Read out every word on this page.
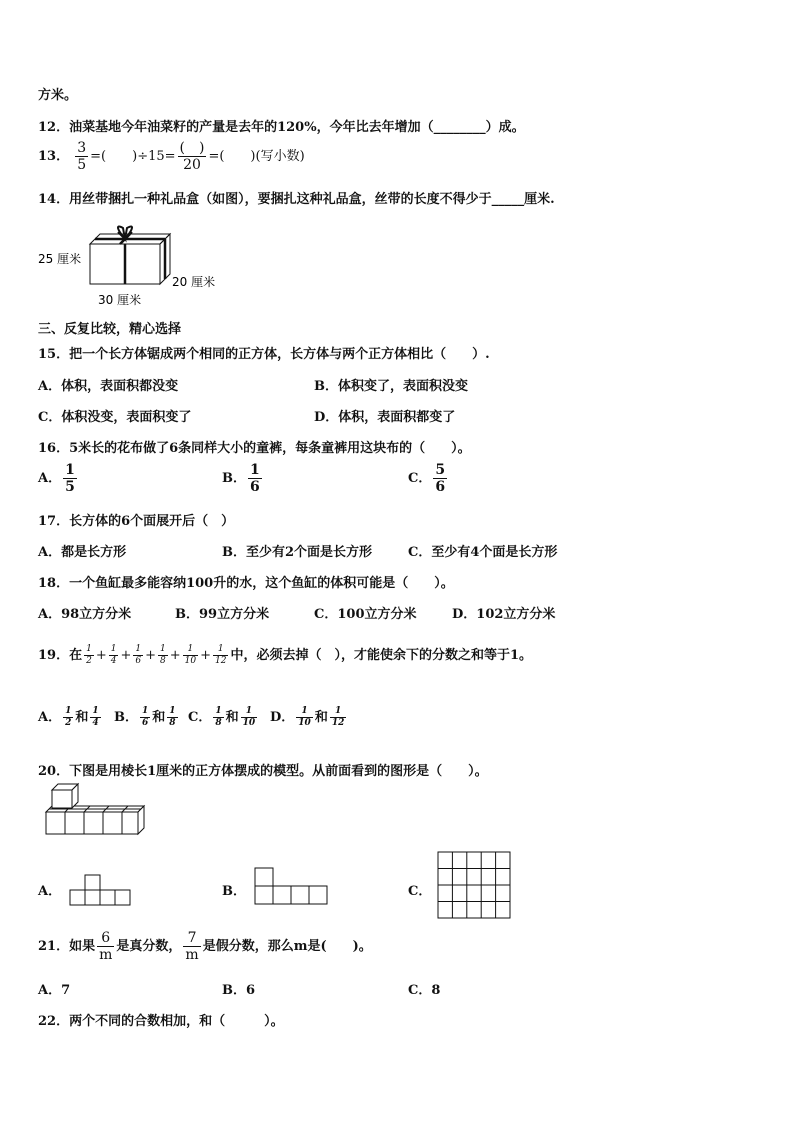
方米。
12．油菜基地今年油菜籽的产量是去年的120%，今年比去年增加（________）成。
13． $\frac{3}{5}$ =(　　)$\div 15= \frac{( )}{20}$ =(　　)(写小数)
14．用丝带捆扎一种礼品盒（如图），要捆扎这种礼品盒，丝带的长度不得少于_____厘米.
25 厘米
20 厘米
30 厘米
三、反复比较，精心选择
15．把一个长方体锯成两个相同的正方体，长方体与两个正方体相比（　　）.
A．体积，表面积都没变	B．体积变了，表面积没变
C．体积没变，表面积变了	D．体积，表面积都变了
16．5米长的花布做了6条同样大小的童裤，每条童裤用这块布的（　　）。
A． $\frac{1}{5}$	B． $\frac{1}{6}$	C． $\frac{5}{6}$
17．长方体的6个面展开后（　）
A．都是长方形	B．至少有2个面是长方形	C．至少有4个面是长方形
18．一个鱼缸最多能容纳100升的水，这个鱼缸的体积可能是（　　）。
A．98立方分米	B．99立方分米	C．100立方分米	D．102立方分米
19．在 $\frac{1}{2} + \frac{1}{4} + \frac{1}{6} + \frac{1}{8} + \frac{1}{10} + \frac{1}{12}$ 中，必须去掉（　），才能使余下的分数之和等于1。
A． $\frac{1}{2}$ 和 $\frac{1}{4}$ B． $\frac{1}{6}$ 和 $\frac{1}{8}$ C． $\frac{1}{8}$ 和 $\frac{1}{10}$ D． $\frac{1}{10}$ 和 $\frac{1}{12}$
20．下图是用棱长1厘米的正方体摆成的模型。从前面看到的图形是（　　）。
A．	B．	C．
21．如果 $\frac{6}{m}$ 是真分数， $\frac{7}{m}$ 是假分数，那么m是(　　)。
A．7	B．6	C．8
22．两个不同的合数相加，和（　　　）。
